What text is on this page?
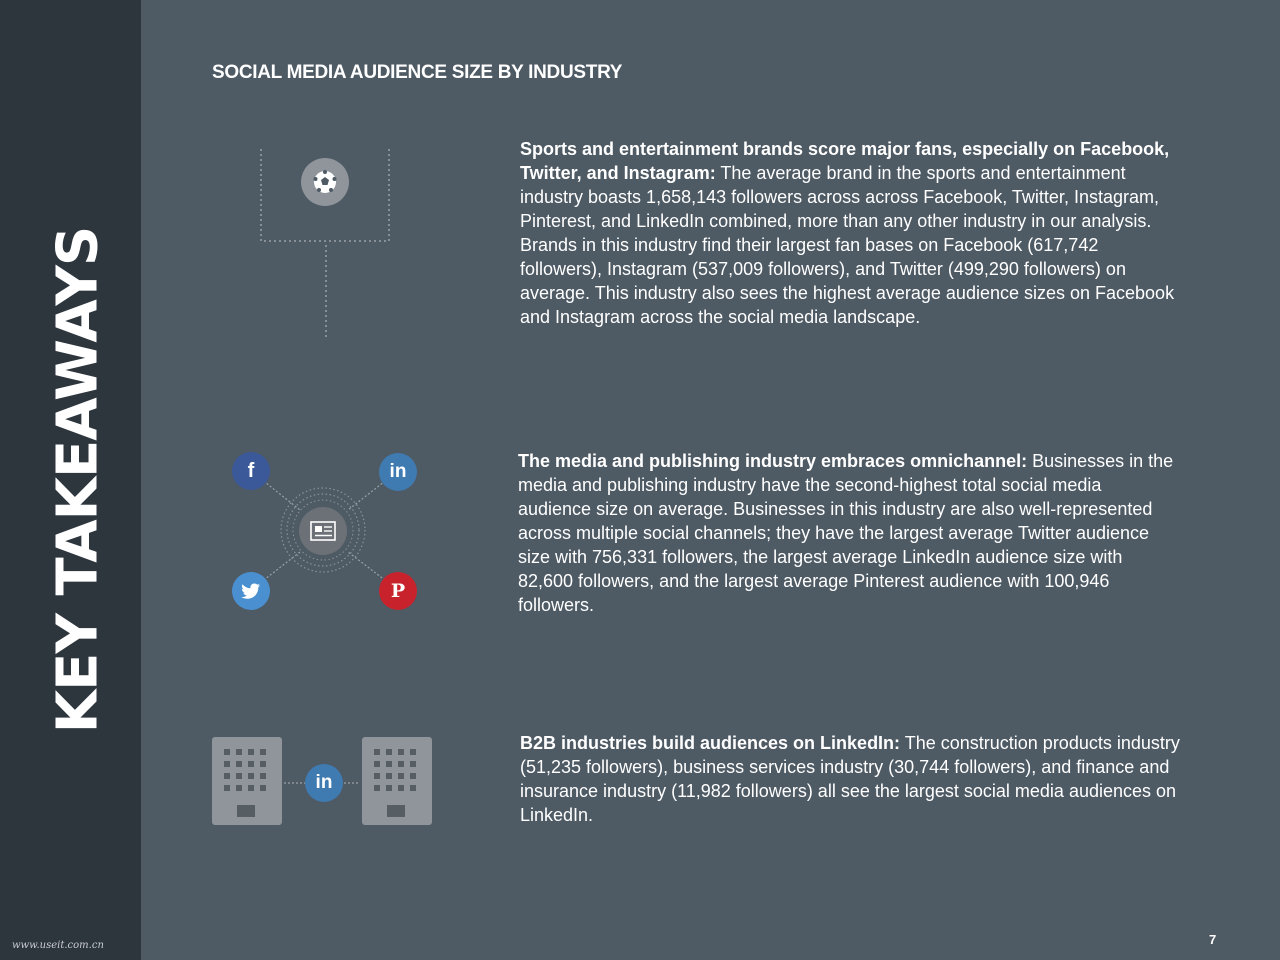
KEY TAKEAWAYS
www.useit.com.cn
SOCIAL MEDIA AUDIENCE SIZE BY INDUSTRY
f	in
P
in
Sports and entertainment brands score major fans, especially on Facebook, Twitter, and Instagram: The average brand in the sports and entertainment industry boasts 1,658,143 followers across across Facebook, Twitter, Instagram, Pinterest, and LinkedIn combined, more than any other industry in our analysis. Brands in this industry find their largest fan bases on Facebook (617,742 followers), Instagram (537,009 followers), and Twitter (499,290 followers) on average. This industry also sees the highest average audience sizes on Facebook and Instagram across the social media landscape.
The media and publishing industry embraces omnichannel: Businesses in the media and publishing industry have the second-highest total social media audience size on average. Businesses in this industry are also well-represented across multiple social channels; they have the largest average Twitter audience size with 756,331 followers, the largest average LinkedIn audience size with 82,600 followers, and the largest average Pinterest audience with 100,946 followers.
B2B industries build audiences on LinkedIn: The construction products industry (51,235 followers), business services industry (30,744 followers), and finance and insurance industry (11,982 followers) all see the largest social media audiences on LinkedIn.
7
